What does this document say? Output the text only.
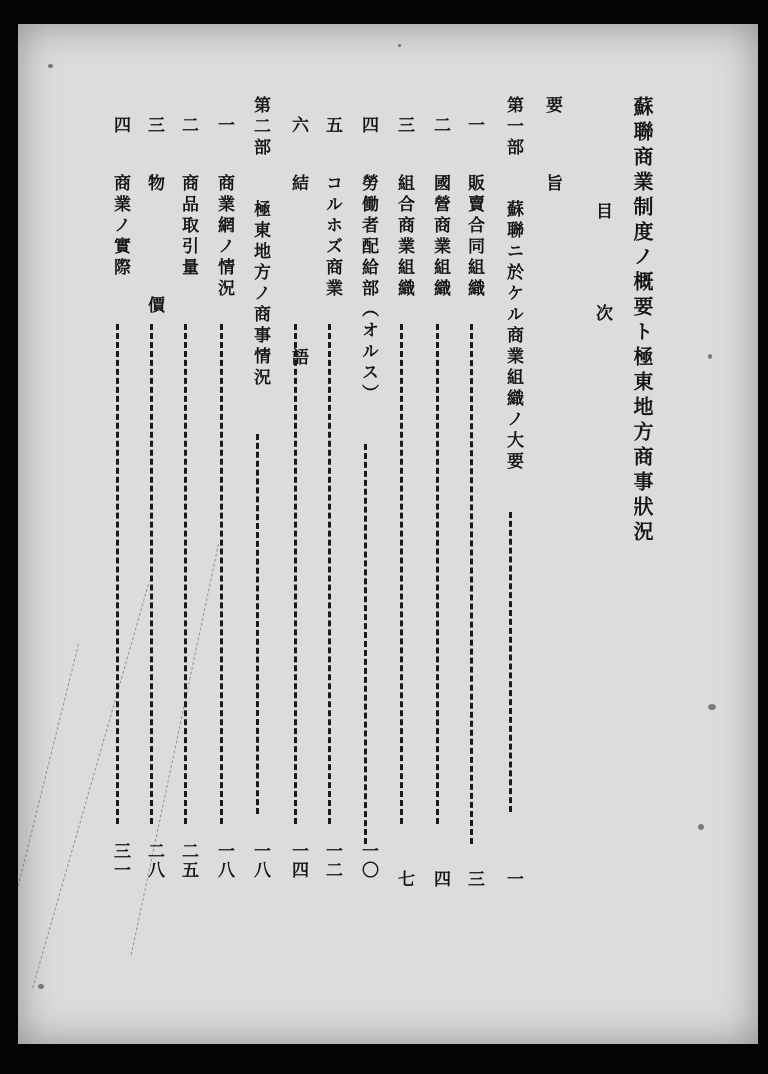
蘇聯商業制度ノ概要ト極東地方商事狀況
目　次
要　旨
第一部
蘇聯ニ於ケル商業組織ノ大要
一
一
販賣合同組織
三
二
國營商業組織
四
三
組合商業組織
七
四
勞働者配給部（オルス）
一〇
五
コルホズ商業
一二
六
結　語
一四
第二部
極東地方ノ商事情況
一八
一
商業網ノ情況
一八
二
商品取引量
二五
三
物　價
二八
四
商業ノ實際
三一
